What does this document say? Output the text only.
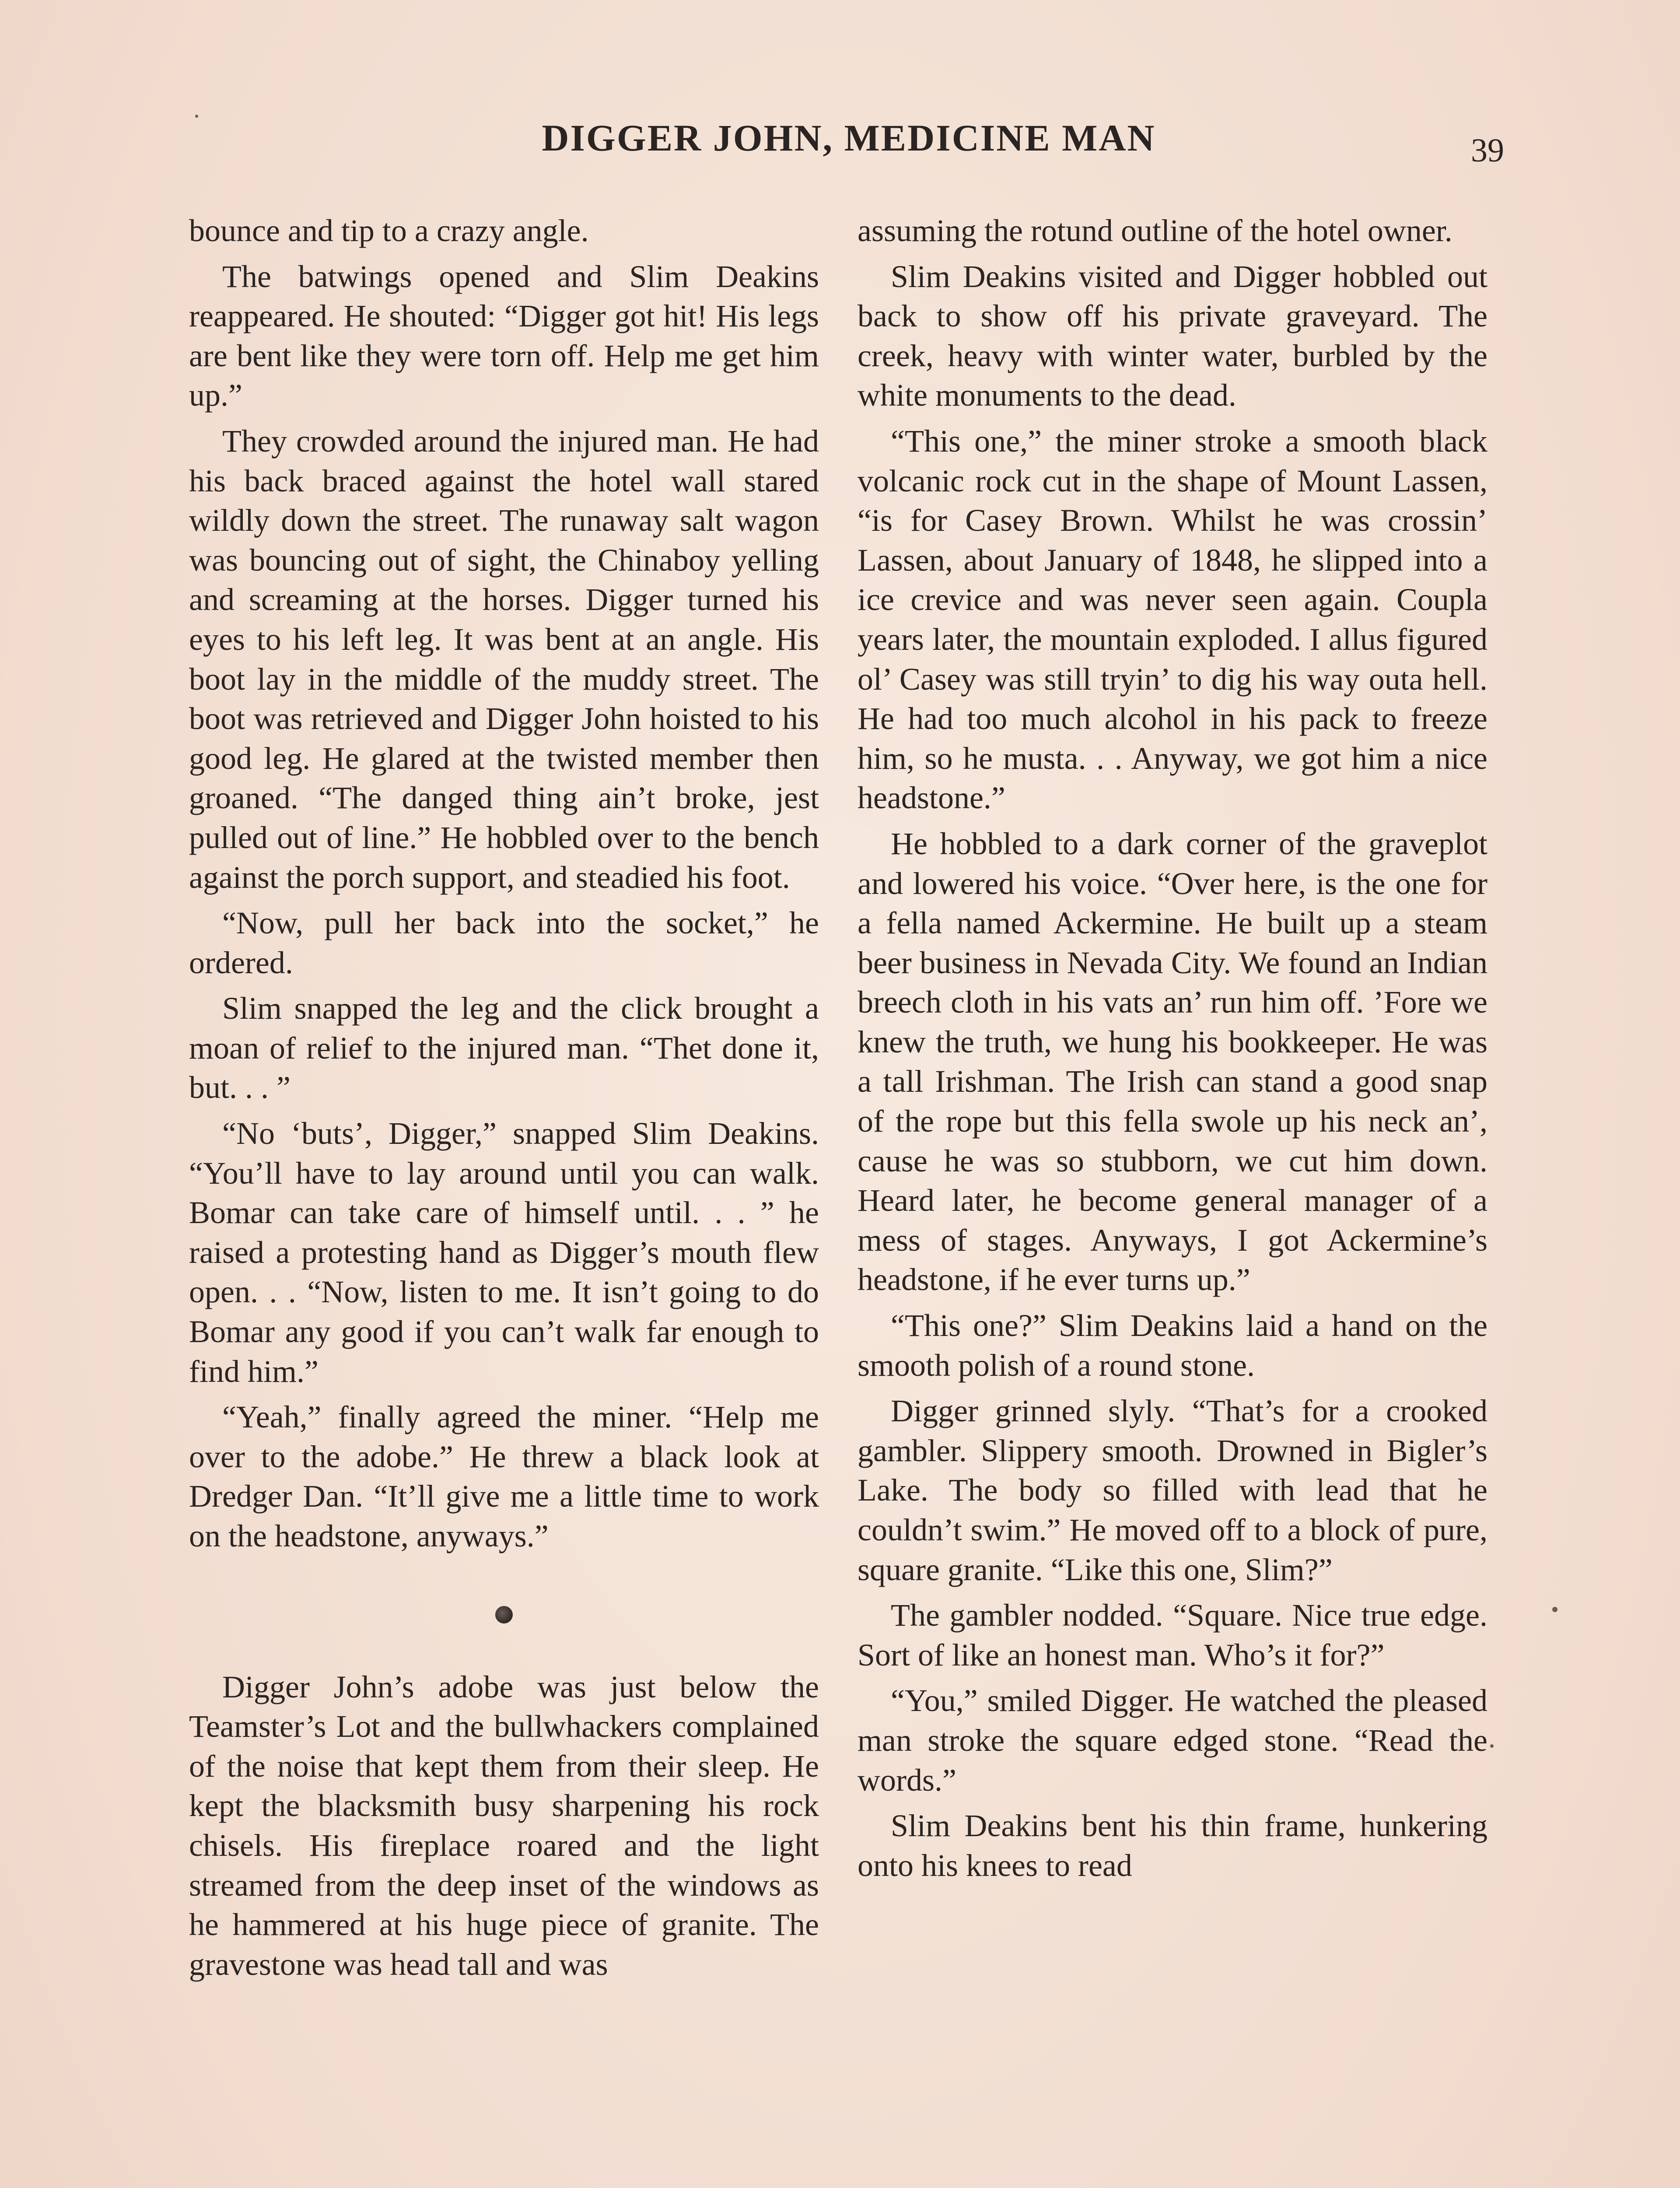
DIGGER JOHN, MEDICINE MAN	39

bounce and tip to a crazy angle.

The batwings opened and Slim Deakins reappeared. He shouted: “Digger got hit! His legs are bent like they were torn off. Help me get him up.”

They crowded around the injured man. He had his back braced against the hotel wall stared wildly down the street. The runaway salt wagon was bouncing out of sight, the Chinaboy yelling and screaming at the horses. Digger turned his eyes to his left leg. It was bent at an angle. His boot lay in the middle of the muddy street. The boot was retrieved and Digger John hoisted to his good leg. He glared at the twisted member then groaned. “The danged thing ain’t broke, jest pulled out of line.” He hobbled over to the bench against the porch support, and steadied his foot.

“Now, pull her back into the socket,” he ordered.

Slim snapped the leg and the click brought a moan of relief to the injured man. “Thet done it, but. . . ”

“No ‘buts’, Digger,” snapped Slim Deakins. “You’ll have to lay around until you can walk. Bomar can take care of himself until. . . ” he raised a protesting hand as Digger’s mouth flew open. . . “Now, listen to me. It isn’t going to do Bomar any good if you can’t walk far enough to find him.”

“Yeah,” finally agreed the miner. “Help me over to the adobe.” He threw a black look at Dredger Dan. “It’ll give me a little time to work on the headstone, anyways.”

Digger John’s adobe was just below the Teamster’s Lot and the bullwhackers complained of the noise that kept them from their sleep. He kept the blacksmith busy sharpening his rock chisels. His fireplace roared and the light streamed from the deep inset of the windows as he hammered at his huge piece of granite. The gravestone was head tall and was

assuming the rotund outline of the hotel owner.

Slim Deakins visited and Digger hobbled out back to show off his private graveyard. The creek, heavy with winter water, burbled by the white monuments to the dead.

“This one,” the miner stroke a smooth black volcanic rock cut in the shape of Mount Lassen, “is for Casey Brown. Whilst he was crossin’ Lassen, about January of 1848, he slipped into a ice crevice and was never seen again. Coupla years later, the mountain exploded. I allus figured ol’ Casey was still tryin’ to dig his way outa hell. He had too much alcohol in his pack to freeze him, so he musta. . . Anyway, we got him a nice headstone.”

He hobbled to a dark corner of the graveplot and lowered his voice. “Over here, is the one for a fella named Ackermine. He built up a steam beer business in Nevada City. We found an Indian breech cloth in his vats an’ run him off. ’Fore we knew the truth, we hung his bookkeeper. He was a tall Irishman. The Irish can stand a good snap of the rope but this fella swole up his neck an’, cause he was so stubborn, we cut him down. Heard later, he become general manager of a mess of stages. Anyways, I got Ackermine’s headstone, if he ever turns up.”

“This one?” Slim Deakins laid a hand on the smooth polish of a round stone.

Digger grinned slyly. “That’s for a crooked gambler. Slippery smooth. Drowned in Bigler’s Lake. The body so filled with lead that he couldn’t swim.” He moved off to a block of pure, square granite. “Like this one, Slim?”

The gambler nodded. “Square. Nice true edge. Sort of like an honest man. Who’s it for?”

“You,” smiled Digger. He watched the pleased man stroke the square edged stone. “Read the words.”

Slim Deakins bent his thin frame, hunkering onto his knees to read
